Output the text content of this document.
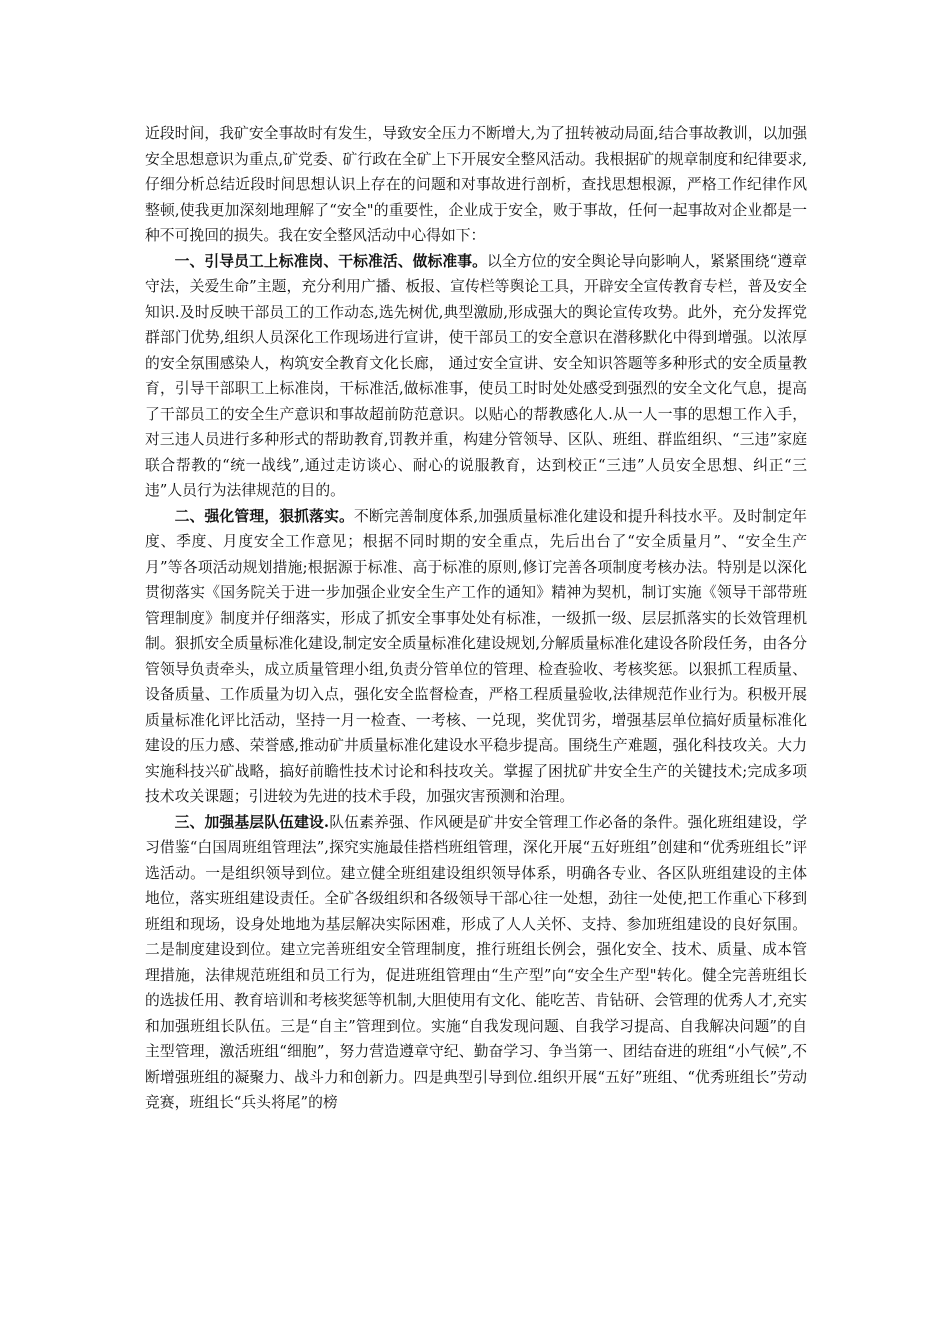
近段时间，我矿安全事故时有发生，导致安全压力不断增大,为了扭转被动局面,结合事故教训，以加强安全思想意识为重点,矿党委、矿行政在全矿上下开展安全整风活动。我根据矿的规章制度和纪律要求,仔细分析总结近段时间思想认识上存在的问题和对事故进行剖析，查找思想根源，严格工作纪律作风整顿,使我更加深刻地理解了“安全"的重要性，企业成于安全，败于事故，任何一起事故对企业都是一种不可挽回的损失。我在安全整风活动中心得如下：

一、引导员工上标准岗、干标准活、做标准事。以全方位的安全舆论导向影响人，紧紧围绕“遵章守法，关爱生命”主题，充分利用广播、板报、宣传栏等舆论工具，开辟安全宣传教育专栏，普及安全知识.及时反映干部员工的工作动态,选先树优,典型激励,形成强大的舆论宣传攻势。此外，充分发挥党群部门优势,组织人员深化工作现场进行宣讲，使干部员工的安全意识在潜移默化中得到增强。以浓厚的安全氛围感染人，构筑安全教育文化长廊， 通过安全宣讲、安全知识答题等多种形式的安全质量教育，引导干部职工上标准岗，干标准活,做标准事，使员工时时处处感受到强烈的安全文化气息，提高了干部员工的安全生产意识和事故超前防范意识。以贴心的帮教感化人.从一人一事的思想工作入手，对三违人员进行多种形式的帮助教育,罚教并重，构建分管领导、区队、班组、群监组织、“三违”家庭联合帮教的“统一战线”,通过走访谈心、耐心的说服教育，达到校正“三违”人员安全思想、纠正“三违”人员行为法律规范的目的。

二、强化管理，狠抓落实。不断完善制度体系,加强质量标准化建设和提升科技水平。及时制定年度、季度、月度安全工作意见；根据不同时期的安全重点，先后出台了“安全质量月”、“安全生产月”等各项活动规划措施;根据源于标准、高于标准的原则,修订完善各项制度考核办法。特别是以深化贯彻落实《国务院关于进一步加强企业安全生产工作的通知》精神为契机，制订实施《领导干部带班管理制度》制度并仔细落实，形成了抓安全事事处处有标准，一级抓一级、层层抓落实的长效管理机制。狠抓安全质量标准化建设,制定安全质量标准化建设规划,分解质量标准化建设各阶段任务，由各分管领导负责牵头，成立质量管理小组,负责分管单位的管理、检查验收、考核奖惩。以狠抓工程质量、设备质量、工作质量为切入点，强化安全监督检查，严格工程质量验收,法律规范作业行为。积极开展质量标准化评比活动，坚持一月一检查、一考核、一兑现，奖优罚劣，增强基层单位搞好质量标准化建设的压力感、荣誉感,推动矿井质量标准化建设水平稳步提高。围绕生产难题，强化科技攻关。大力实施科技兴矿战略，搞好前瞻性技术讨论和科技攻关。掌握了困扰矿井安全生产的关键技术;完成多项技术攻关课题；引进较为先进的技术手段，加强灾害预测和治理。

三、加强基层队伍建设.队伍素养强、作风硬是矿井安全管理工作必备的条件。强化班组建设，学习借鉴“白国周班组管理法”,探究实施最佳搭档班组管理，深化开展“五好班组”创建和“优秀班组长”评选活动。一是组织领导到位。建立健全班组建设组织领导体系，明确各专业、各区队班组建设的主体地位，落实班组建设责任。全矿各级组织和各级领导干部心往一处想，劲往一处使,把工作重心下移到班组和现场，设身处地地为基层解决实际困难，形成了人人关怀、支持、参加班组建设的良好氛围。二是制度建设到位。建立完善班组安全管理制度，推行班组长例会，强化安全、技术、质量、成本管理措施，法律规范班组和员工行为，促进班组管理由“生产型”向“安全生产型"转化。健全完善班组长的选拔任用、教育培训和考核奖惩等机制,大胆使用有文化、能吃苦、肯钻研、会管理的优秀人才,充实和加强班组长队伍。三是“自主”管理到位。实施“自我发现问题、自我学习提高、自我解决问题”的自主型管理，激活班组“细胞”，努力营造遵章守纪、勤奋学习、争当第一、团结奋进的班组“小气候”,不断增强班组的凝聚力、战斗力和创新力。四是典型引导到位.组织开展“五好”班组、“优秀班组长”劳动竞赛，班组长“兵头将尾”的榜
